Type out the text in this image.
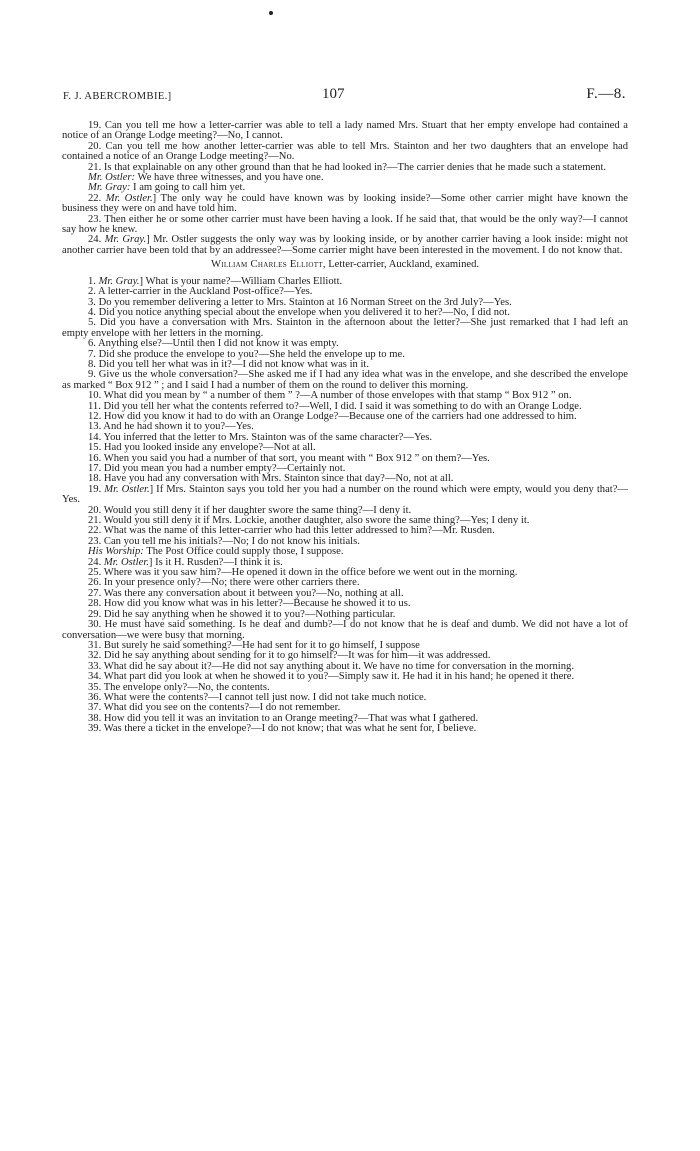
F. J. ABERCROMBIE.]	107	F.—8.

19. Can you tell me how a letter-carrier was able to tell a lady named Mrs. Stuart that her empty envelope had contained a notice of an Orange Lodge meeting?—No, I cannot.

20. Can you tell me how another letter-carrier was able to tell Mrs. Stainton and her two daughters that an envelope had contained a notice of an Orange Lodge meeting?—No.

21. Is that explainable on any other ground than that he had looked in?—The carrier denies that he made such a statement.

Mr. Ostler: We have three witnesses, and you have one.

Mr. Gray: I am going to call him yet.

22. Mr. Ostler.] The only way he could have known was by looking inside?—Some other carrier might have known the business they were on and have told him.

23. Then either he or some other carrier must have been having a look. If he said that, that would be the only way?—I cannot say how he knew.

24. Mr. Gray.] Mr. Ostler suggests the only way was by looking inside, or by another carrier having a look inside: might not another carrier have been told that by an addressee?—Some carrier might have been interested in the movement. I do not know that.

William Charles Elliott, Letter-carrier, Auckland, examined.

1. Mr. Gray.] What is your name?—William Charles Elliott.

2. A letter-carrier in the Auckland Post-office?—Yes.

3. Do you remember delivering a letter to Mrs. Stainton at 16 Norman Street on the 3rd July?—Yes.

4. Did you notice anything special about the envelope when you delivered it to her?—No, I did not.

5. Did you have a conversation with Mrs. Stainton in the afternoon about the letter?—She just remarked that I had left an empty envelope with her letters in the morning.

6. Anything else?—Until then I did not know it was empty.

7. Did she produce the envelope to you?—She held the envelope up to me.

8. Did you tell her what was in it?—I did not know what was in it.

9. Give us the whole conversation?—She asked me if I had any idea what was in the envelope, and she described the envelope as marked “ Box 912 ” ; and I said I had a number of them on the round to deliver this morning.

10. What did you mean by “ a number of them ” ?—A number of those envelopes with that stamp “ Box 912 ” on.

11. Did you tell her what the contents referred to?—Well, I did. I said it was something to do with an Orange Lodge.

12. How did you know it had to do with an Orange Lodge?—Because one of the carriers had one addressed to him.

13. And he had shown it to you?—Yes.

14. You inferred that the letter to Mrs. Stainton was of the same character?—Yes.

15. Had you looked inside any envelope?—Not at all.

16. When you said you had a number of that sort, you meant with “ Box 912 ” on them?—Yes.

17. Did you mean you had a number empty?—Certainly not.

18. Have you had any conversation with Mrs. Stainton since that day?—No, not at all.

19. Mr. Ostler.] If Mrs. Stainton says you told her you had a number on the round which were empty, would you deny that?—Yes.

20. Would you still deny it if her daughter swore the same thing?—I deny it.

21. Would you still deny it if Mrs. Lockie, another daughter, also swore the same thing?—Yes; I deny it.

22. What was the name of this letter-carrier who had this letter addressed to him?—Mr. Rusden.

23. Can you tell me his initials?—No; I do not know his initials.

His Worship: The Post Office could supply those, I suppose.

24. Mr. Ostler.] Is it H. Rusden?—I think it is.

25. Where was it you saw him?—He opened it down in the office before we went out in the morning.

26. In your presence only?—No; there were other carriers there.

27. Was there any conversation about it between you?—No, nothing at all.

28. How did you know what was in his letter?—Because he showed it to us.

29. Did he say anything when he showed it to you?—Nothing particular.

30. He must have said something. Is he deaf and dumb?—I do not know that he is deaf and dumb. We did not have a lot of conversation—we were busy that morning.

31. But surely he said something?—He had sent for it to go himself, I suppose

32. Did he say anything about sending for it to go himself?—It was for him—it was addressed.

33. What did he say about it?—He did not say anything about it. We have no time for conversation in the morning.

34. What part did you look at when he showed it to you?—Simply saw it. He had it in his hand; he opened it there.

35. The envelope only?—No, the contents.

36. What were the contents?—I cannot tell just now. I did not take much notice.

37. What did you see on the contents?—I do not remember.

38. How did you tell it was an invitation to an Orange meeting?—That was what I gathered.

39. Was there a ticket in the envelope?—I do not know; that was what he sent for, I believe.
